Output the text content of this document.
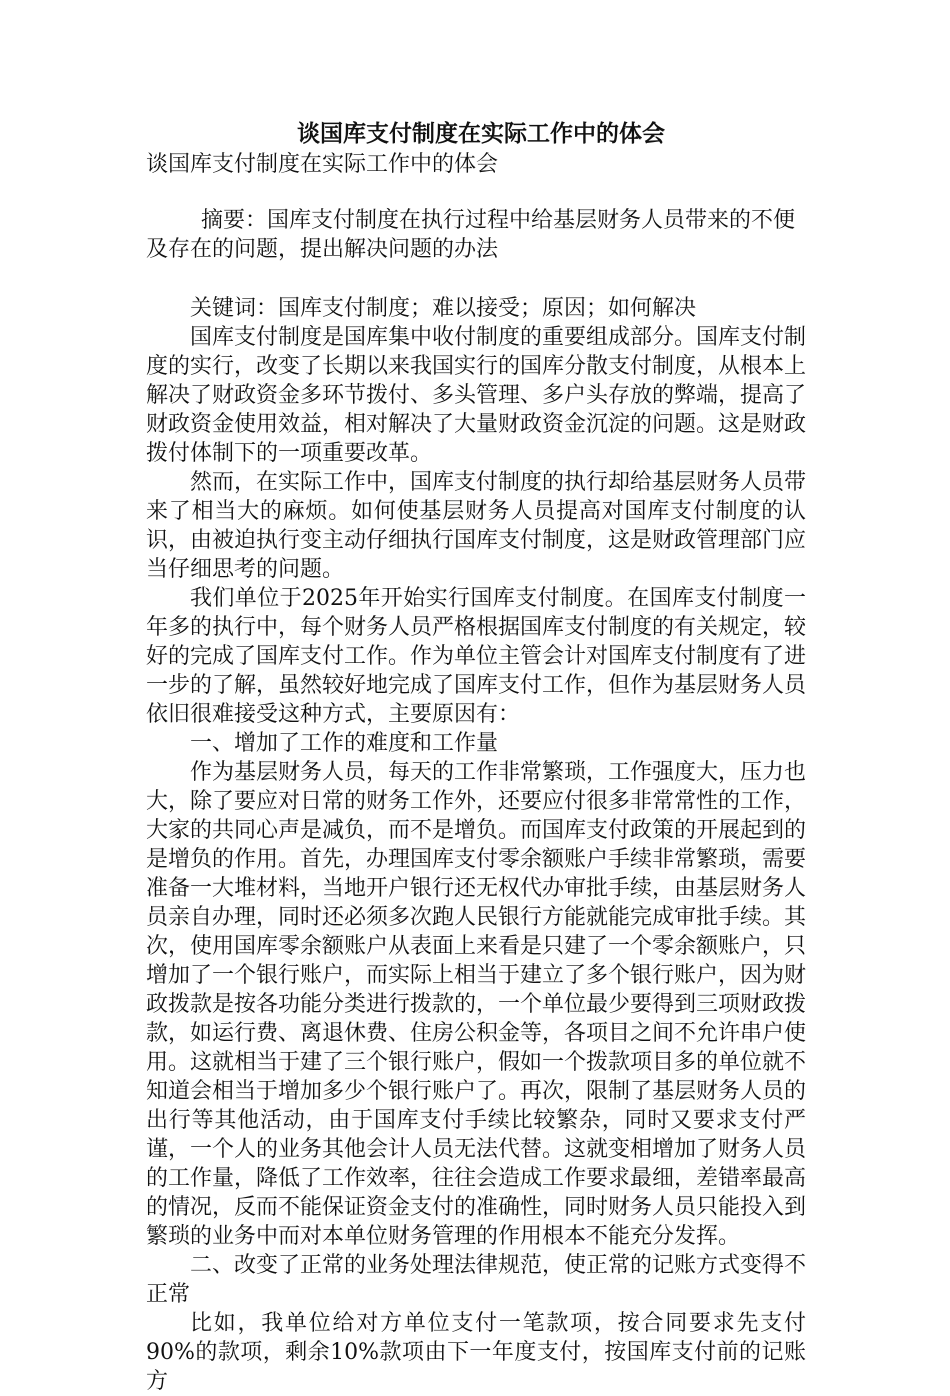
谈国库支付制度在实际工作中的体会

谈国库支付制度在实际工作中的体会

摘要：国库支付制度在执行过程中给基层财务人员带来的不便及存在的问题，提出解决问题的办法

关键词：国库支付制度；难以接受；原因；如何解决

国库支付制度是国库集中收付制度的重要组成部分。国库支付制度的实行，改变了长期以来我国实行的国库分散支付制度，从根本上解决了财政资金多环节拨付、多头管理、多户头存放的弊端，提高了财政资金使用效益，相对解决了大量财政资金沉淀的问题。这是财政拨付体制下的一项重要改革。

然而，在实际工作中，国库支付制度的执行却给基层财务人员带来了相当大的麻烦。如何使基层财务人员提高对国库支付制度的认识，由被迫执行变主动仔细执行国库支付制度，这是财政管理部门应当仔细思考的问题。

我们单位于2025年开始实行国库支付制度。在国库支付制度一年多的执行中，每个财务人员严格根据国库支付制度的有关规定，较好的完成了国库支付工作。作为单位主管会计对国库支付制度有了进一步的了解，虽然较好地完成了国库支付工作，但作为基层财务人员依旧很难接受这种方式，主要原因有：

一、增加了工作的难度和工作量

作为基层财务人员，每天的工作非常繁琐，工作强度大，压力也大，除了要应对日常的财务工作外，还要应付很多非常常性的工作，大家的共同心声是减负，而不是增负。而国库支付政策的开展起到的是增负的作用。首先，办理国库支付零余额账户手续非常繁琐，需要准备一大堆材料，当地开户银行还无权代办审批手续，由基层财务人员亲自办理，同时还必须多次跑人民银行方能就能完成审批手续。其次，使用国库零余额账户从表面上来看是只建了一个零余额账户，只增加了一个银行账户，而实际上相当于建立了多个银行账户，因为财政拨款是按各功能分类进行拨款的，一个单位最少要得到三项财政拨款，如运行费、离退休费、住房公积金等，各项目之间不允许串户使用。这就相当于建了三个银行账户，假如一个拨款项目多的单位就不知道会相当于增加多少个银行账户了。再次，限制了基层财务人员的出行等其他活动，由于国库支付手续比较繁杂，同时又要求支付严谨，一个人的业务其他会计人员无法代替。这就变相增加了财务人员的工作量，降低了工作效率，往往会造成工作要求最细，差错率最高的情况，反而不能保证资金支付的准确性，同时财务人员只能投入到繁琐的业务中而对本单位财务管理的作用根本不能充分发挥。

二、改变了正常的业务处理法律规范，使正常的记账方式变得不正常

比如，我单位给对方单位支付一笔款项，按合同要求先支付90%的款项，剩余10%款项由下一年度支付，按国库支付前的记账方
